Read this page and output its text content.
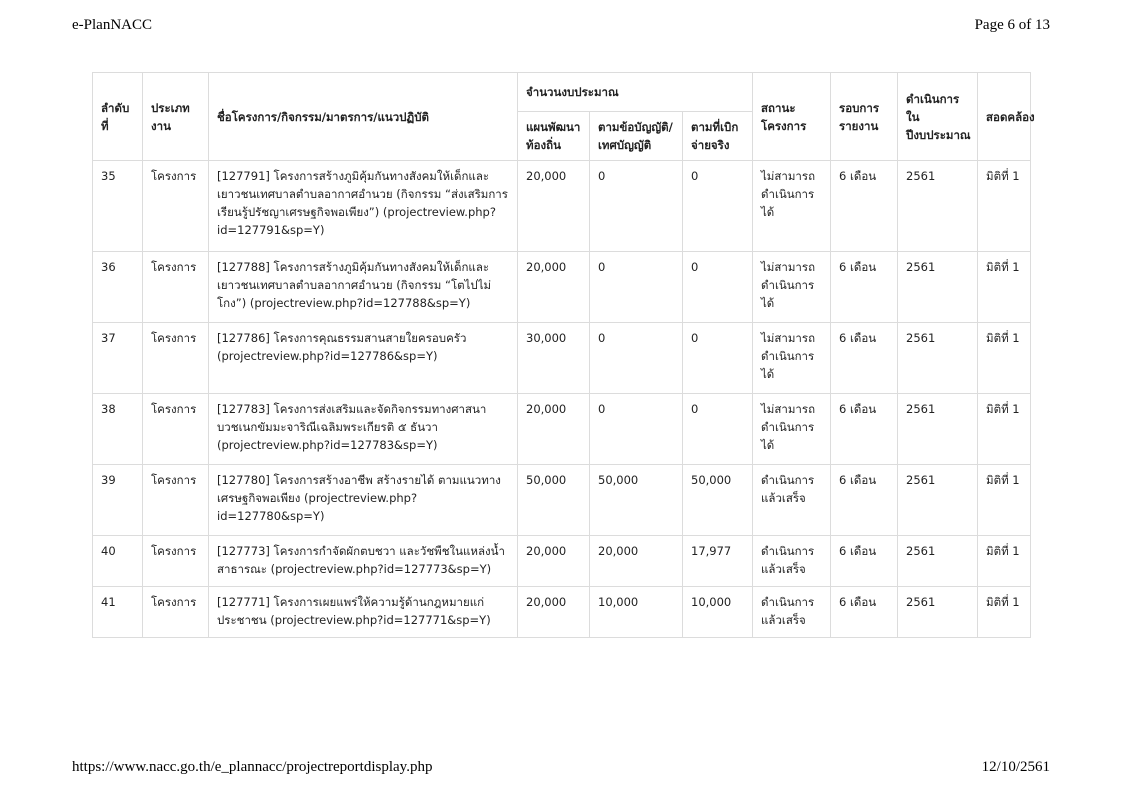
e-PlanNACC	Page 6 of 13
ลำดับที่	ประเภทงาน	ชื่อโครงการ/กิจกรรม/มาตรการ/แนวปฏิบัติ	จำนวนงบประมาณ			สถานะโครงการ	รอบการรายงาน	ดำเนินการในปีงบประมาณ	สอดคล้อง
			แผนพัฒนาท้องถิ่น	ตามข้อบัญญัติ/เทศบัญญัติ	ตามที่เบิกจ่ายจริง				
35	โครงการ	[127791] โครงการสร้างภูมิคุ้มกันทางสังคมให้เด็กและเยาวชนเทศบาลตำบลอากาศอำนวย (กิจกรรม “ส่งเสริมการเรียนรู้ปรัชญาเศรษฐกิจพอเพียง”) (projectreview.php?id=127791&sp=Y)	20,000	0	0	ไม่สามารถดำเนินการได้	6 เดือน	2561	มิติที่ 1
36	โครงการ	[127788] โครงการสร้างภูมิคุ้มกันทางสังคมให้เด็กและเยาวชนเทศบาลตำบลอากาศอำนวย (กิจกรรม “โตไปไม่โกง”) (projectreview.php?id=127788&sp=Y)	20,000	0	0	ไม่สามารถดำเนินการได้	6 เดือน	2561	มิติที่ 1
37	โครงการ	[127786] โครงการคุณธรรมสานสายใยครอบครัว (projectreview.php?id=127786&sp=Y)	30,000	0	0	ไม่สามารถดำเนินการได้	6 เดือน	2561	มิติที่ 1
38	โครงการ	[127783] โครงการส่งเสริมและจัดกิจกรรมทางศาสนา บวชเนกขัมมะจาริณีเฉลิมพระเกียรติ ๕ ธันวา (projectreview.php?id=127783&sp=Y)	20,000	0	0	ไม่สามารถดำเนินการได้	6 เดือน	2561	มิติที่ 1
39	โครงการ	[127780] โครงการสร้างอาชีพ สร้างรายได้ ตามแนวทางเศรษฐกิจพอเพียง (projectreview.php?id=127780&sp=Y)	50,000	50,000	50,000	ดำเนินการแล้วเสร็จ	6 เดือน	2561	มิติที่ 1
40	โครงการ	[127773] โครงการกำจัดผักตบชวา และวัชพืชในแหล่งน้ำสาธารณะ (projectreview.php?id=127773&sp=Y)	20,000	20,000	17,977	ดำเนินการแล้วเสร็จ	6 เดือน	2561	มิติที่ 1
41	โครงการ	[127771] โครงการเผยแพร่ให้ความรู้ด้านกฎหมายแก่ประชาชน (projectreview.php?id=127771&sp=Y)	20,000	10,000	10,000	ดำเนินการแล้วเสร็จ	6 เดือน	2561	มิติที่ 1
https://www.nacc.go.th/e_plannacc/projectreportdisplay.php	12/10/2561
